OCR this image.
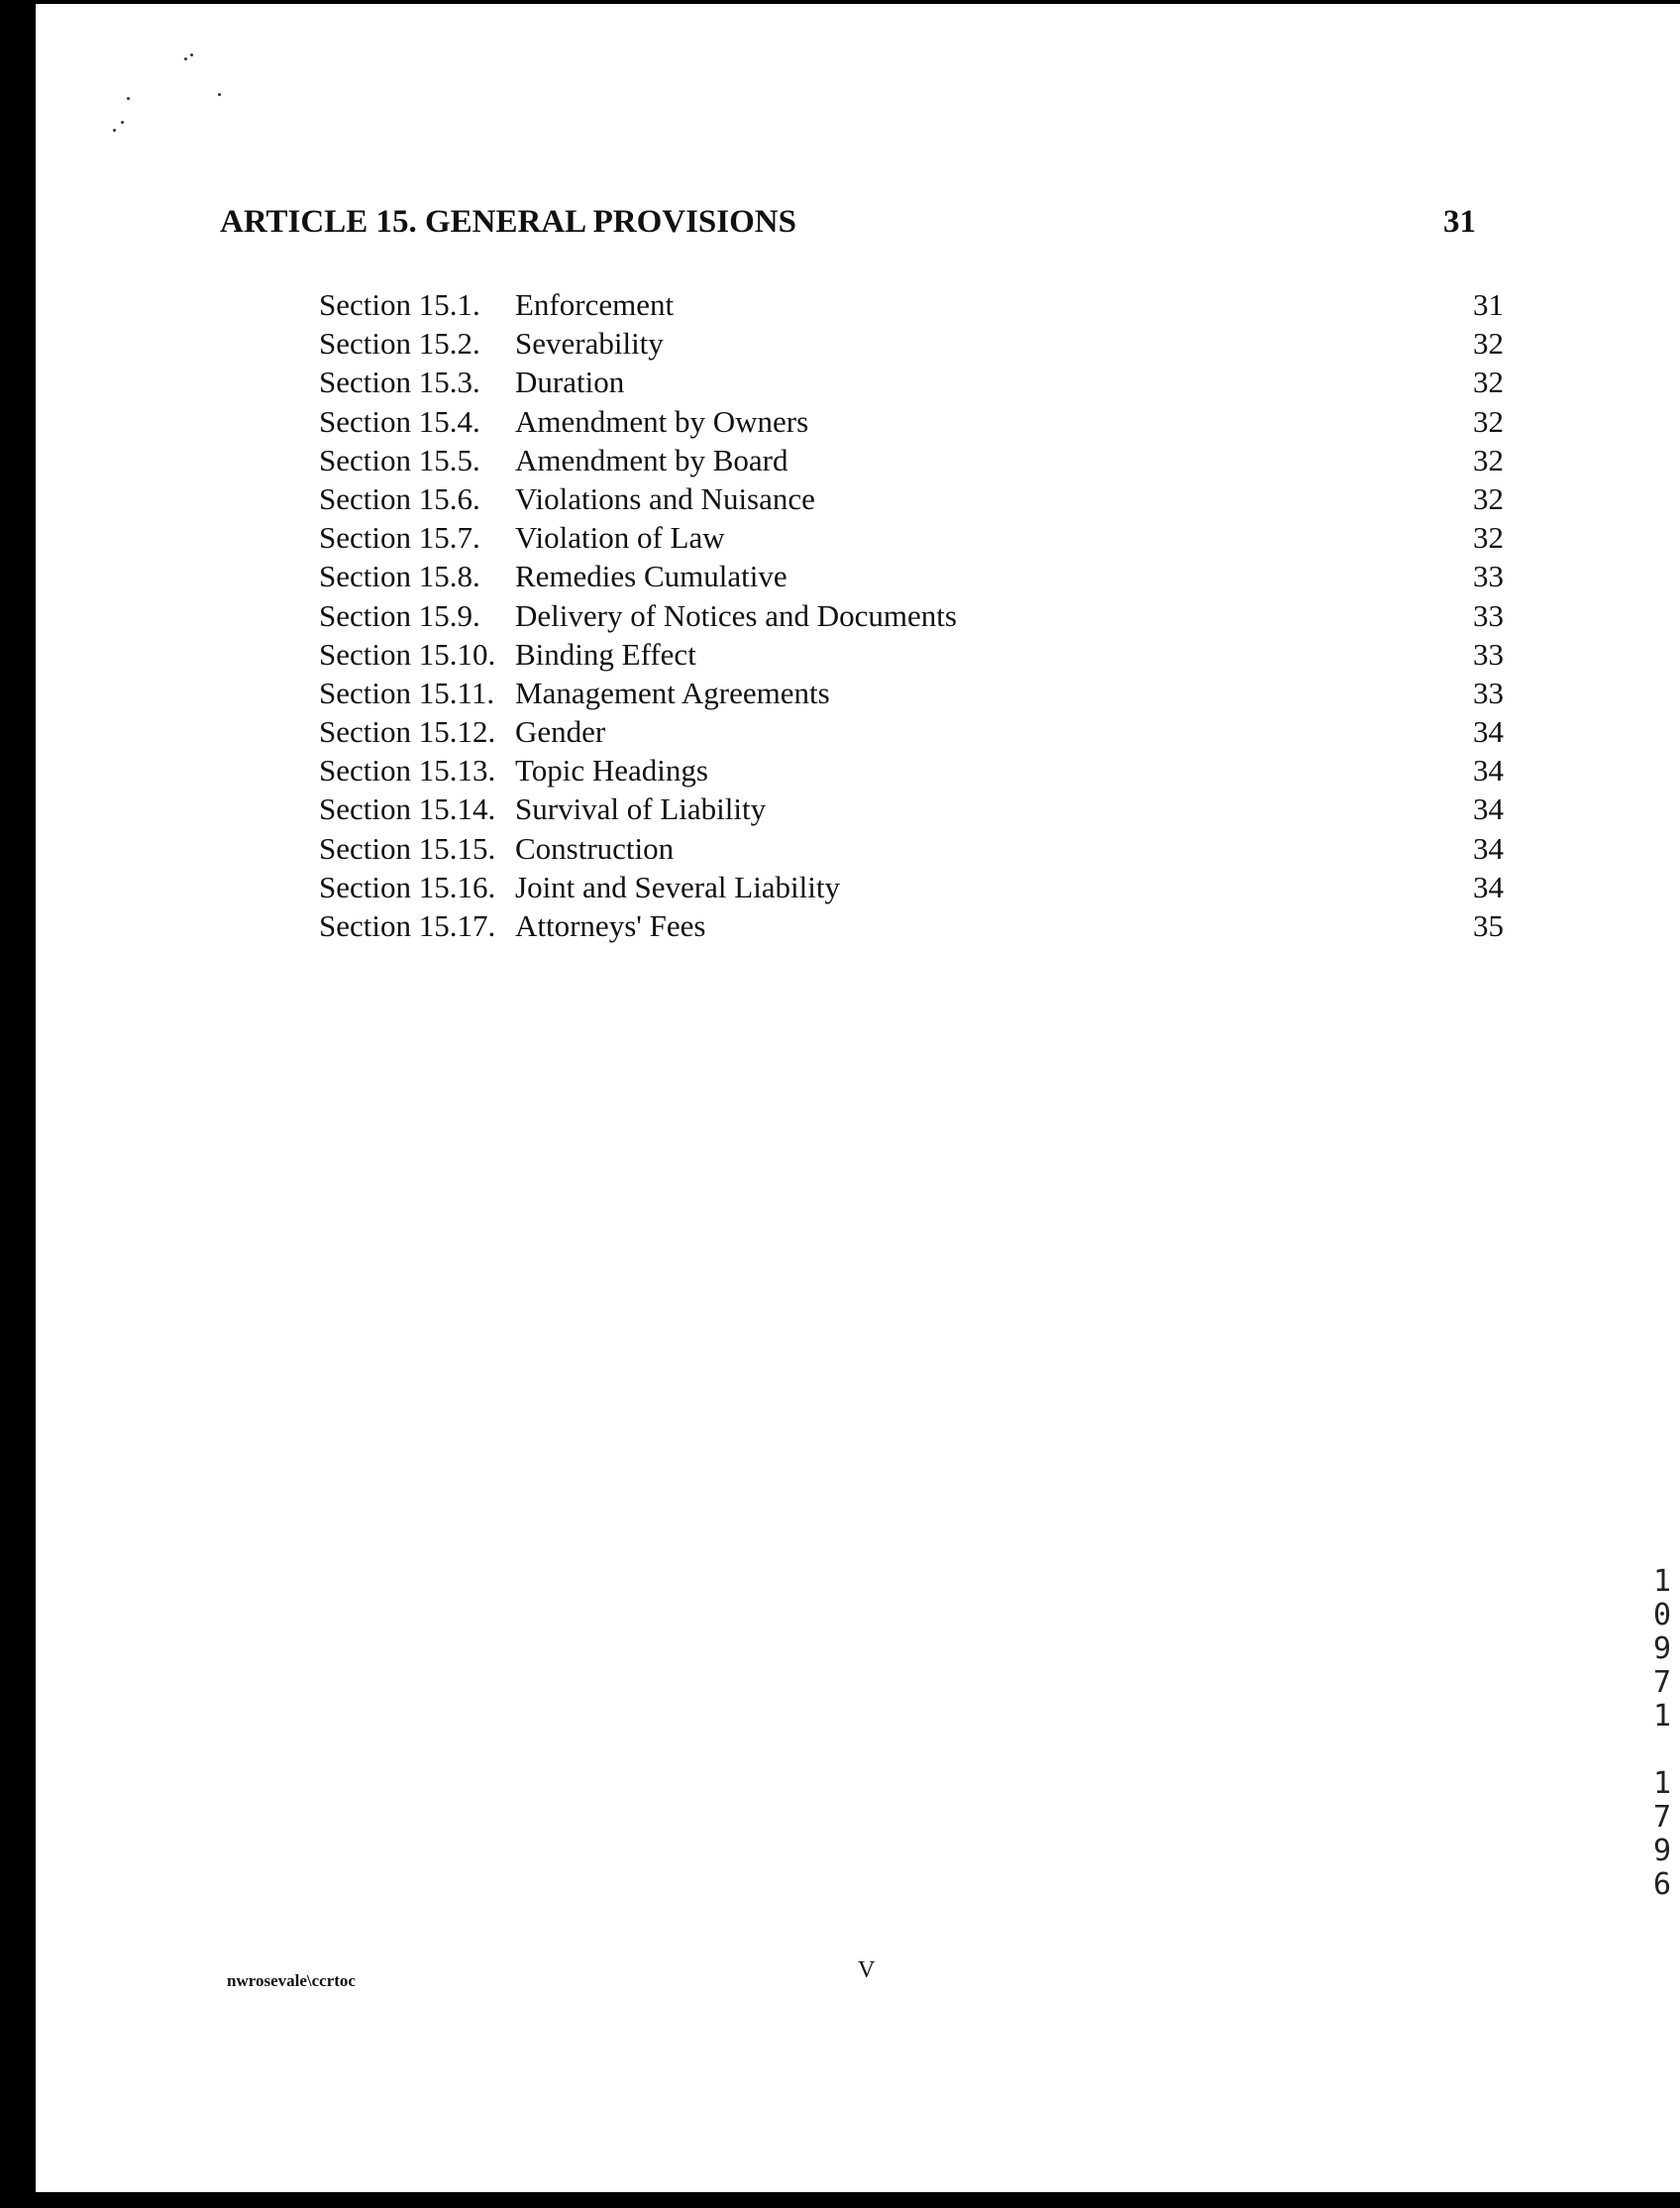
ARTICLE 15. GENERAL PROVISIONS	31
Section 15.1. Enforcement	31
Section 15.2. Severability	32
Section 15.3. Duration	32
Section 15.4. Amendment by Owners	32
Section 15.5. Amendment by Board	32
Section 15.6. Violations and Nuisance	32
Section 15.7. Violation of Law	32
Section 15.8. Remedies Cumulative	33
Section 15.9. Delivery of Notices and Documents	33
Section 15.10. Binding Effect	33
Section 15.11. Management Agreements	33
Section 15.12. Gender	34
Section 15.13. Topic Headings	34
Section 15.14. Survival of Liability	34
Section 15.15. Construction	34
Section 15.16. Joint and Several Liability	34
Section 15.17. Attorneys' Fees	35
nwrosevale\ccrtoc	V
1
0
9
7
1

1
7
9
6
